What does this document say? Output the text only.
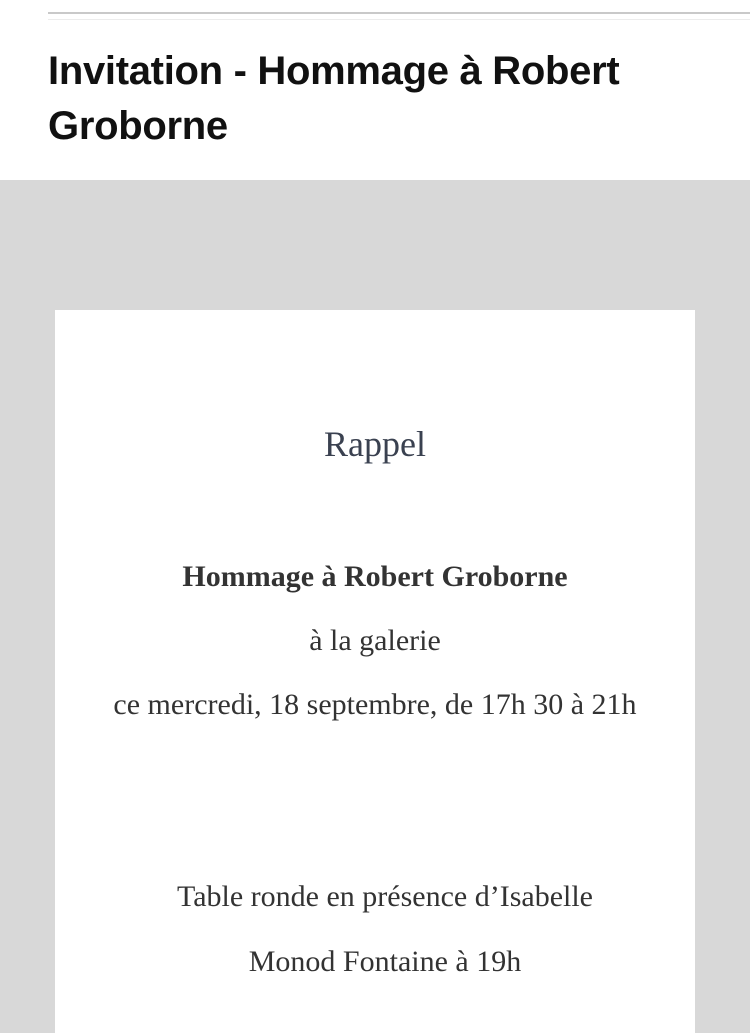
Invitation - Hommage à Robert Groborne
Rappel
Hommage à Robert Groborne
à la galerie
ce mercredi, 18 septembre, de 17h 30 à 21h
Table ronde en présence d’Isabelle Monod Fontaine à 19h
